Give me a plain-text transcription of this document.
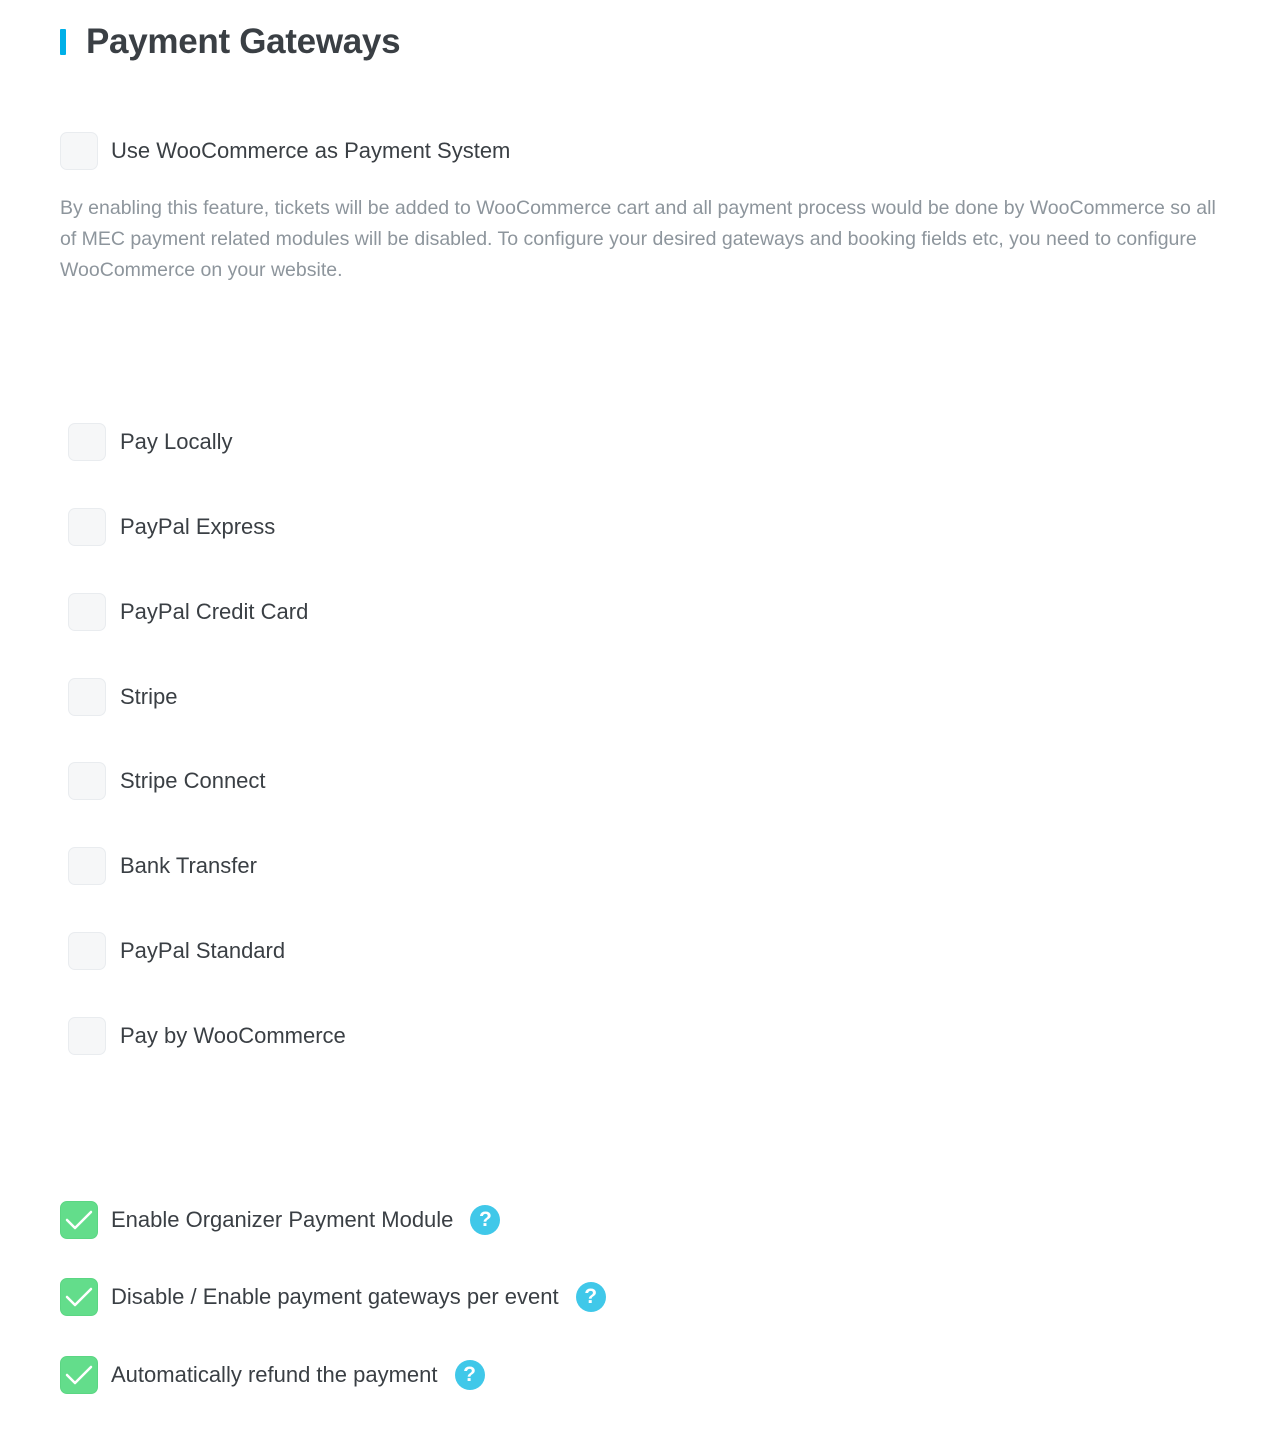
Payment Gateways
Use WooCommerce as Payment System
By enabling this feature, tickets will be added to WooCommerce cart and all payment process would be done by WooCommerce so all of MEC payment related modules will be disabled. To configure your desired gateways and booking fields etc, you need to configure WooCommerce on your website.
Pay Locally
PayPal Express
PayPal Credit Card
Stripe
Stripe Connect
Bank Transfer
PayPal Standard
Pay by WooCommerce
Enable Organizer Payment Module	?
Disable / Enable payment gateways per event	?
Automatically refund the payment	?
